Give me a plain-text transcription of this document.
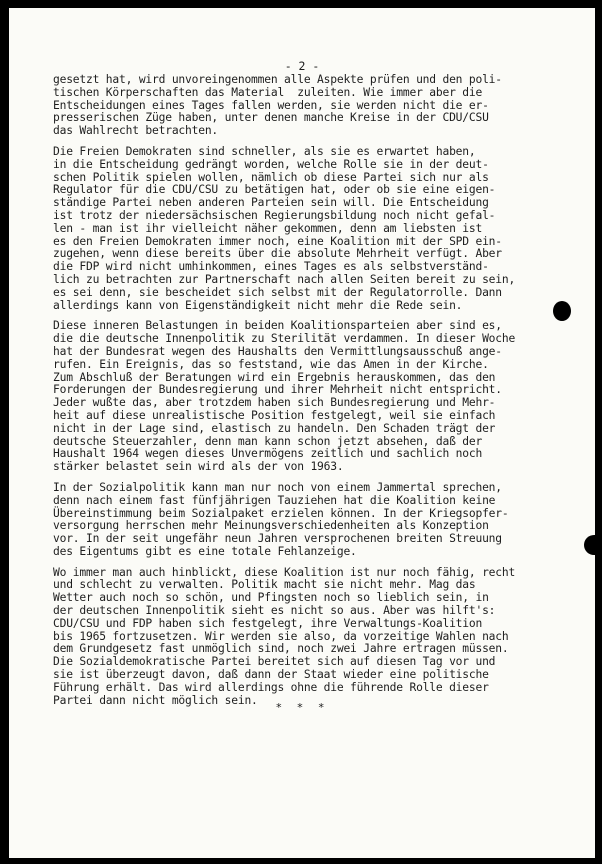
- 2 -
gesetzt hat, wird unvoreingenommen alle Aspekte prüfen und den poli-
tischen Körperschaften das Material  zuleiten. Wie immer aber die
Entscheidungen eines Tages fallen werden, sie werden nicht die er-
presserischen Züge haben, unter denen manche Kreise in der CDU/CSU
das Wahlrecht betrachten.
Die Freien Demokraten sind schneller, als sie es erwartet haben,
in die Entscheidung gedrängt worden, welche Rolle sie in der deut-
schen Politik spielen wollen, nämlich ob diese Partei sich nur als
Regulator für die CDU/CSU zu betätigen hat, oder ob sie eine eigen-
ständige Partei neben anderen Parteien sein will. Die Entscheidung
ist trotz der niedersächsischen Regierungsbildung noch nicht gefal-
len - man ist ihr vielleicht näher gekommen, denn am liebsten ist
es den Freien Demokraten immer noch, eine Koalition mit der SPD ein-
zugehen, wenn diese bereits über die absolute Mehrheit verfügt. Aber
die FDP wird nicht umhinkommen, eines Tages es als selbstverständ-
lich zu betrachten zur Partnerschaft nach allen Seiten bereit zu sein,
es sei denn, sie bescheidet sich selbst mit der Regulatorrolle. Dann
allerdings kann von Eigenständigkeit nicht mehr die Rede sein.
Diese inneren Belastungen in beiden Koalitionsparteien aber sind es,
die die deutsche Innenpolitik zu Sterilität verdammen. In dieser Woche
hat der Bundesrat wegen des Haushalts den Vermittlungsausschuß ange-
rufen. Ein Ereignis, das so feststand, wie das Amen in der Kirche.
Zum Abschluß der Beratungen wird ein Ergebnis herauskommen, das den
Forderungen der Bundesregierung und ihrer Mehrheit nicht entspricht.
Jeder wußte das, aber trotzdem haben sich Bundesregierung und Mehr-
heit auf diese unrealistische Position festgelegt, weil sie einfach
nicht in der Lage sind, elastisch zu handeln. Den Schaden trägt der
deutsche Steuerzahler, denn man kann schon jetzt absehen, daß der
Haushalt 1964 wegen dieses Unvermögens zeitlich und sachlich noch
stärker belastet sein wird als der von 1963.
In der Sozialpolitik kann man nur noch von einem Jammertal sprechen,
denn nach einem fast fünfjährigen Tauziehen hat die Koalition keine
Übereinstimmung beim Sozialpaket erzielen können. In der Kriegsopfer-
versorgung herrschen mehr Meinungsverschiedenheiten als Konzeption
vor. In der seit ungefähr neun Jahren versprochenen breiten Streuung
des Eigentums gibt es eine totale Fehlanzeige.
Wo immer man auch hinblickt, diese Koalition ist nur noch fähig, recht
und schlecht zu verwalten. Politik macht sie nicht mehr. Mag das
Wetter auch noch so schön, und Pfingsten noch so lieblich sein, in
der deutschen Innenpolitik sieht es nicht so aus. Aber was hilft's:
CDU/CSU und FDP haben sich festgelegt, ihre Verwaltungs-Koalition
bis 1965 fortzusetzen. Wir werden sie also, da vorzeitige Wahlen nach
dem Grundgesetz fast unmöglich sind, noch zwei Jahre ertragen müssen.
Die Sozialdemokratische Partei bereitet sich auf diesen Tag vor und
sie ist überzeugt davon, daß dann der Staat wieder eine politische
Führung erhält. Das wird allerdings ohne die führende Rolle dieser
Partei dann nicht möglich sein.
* * *
